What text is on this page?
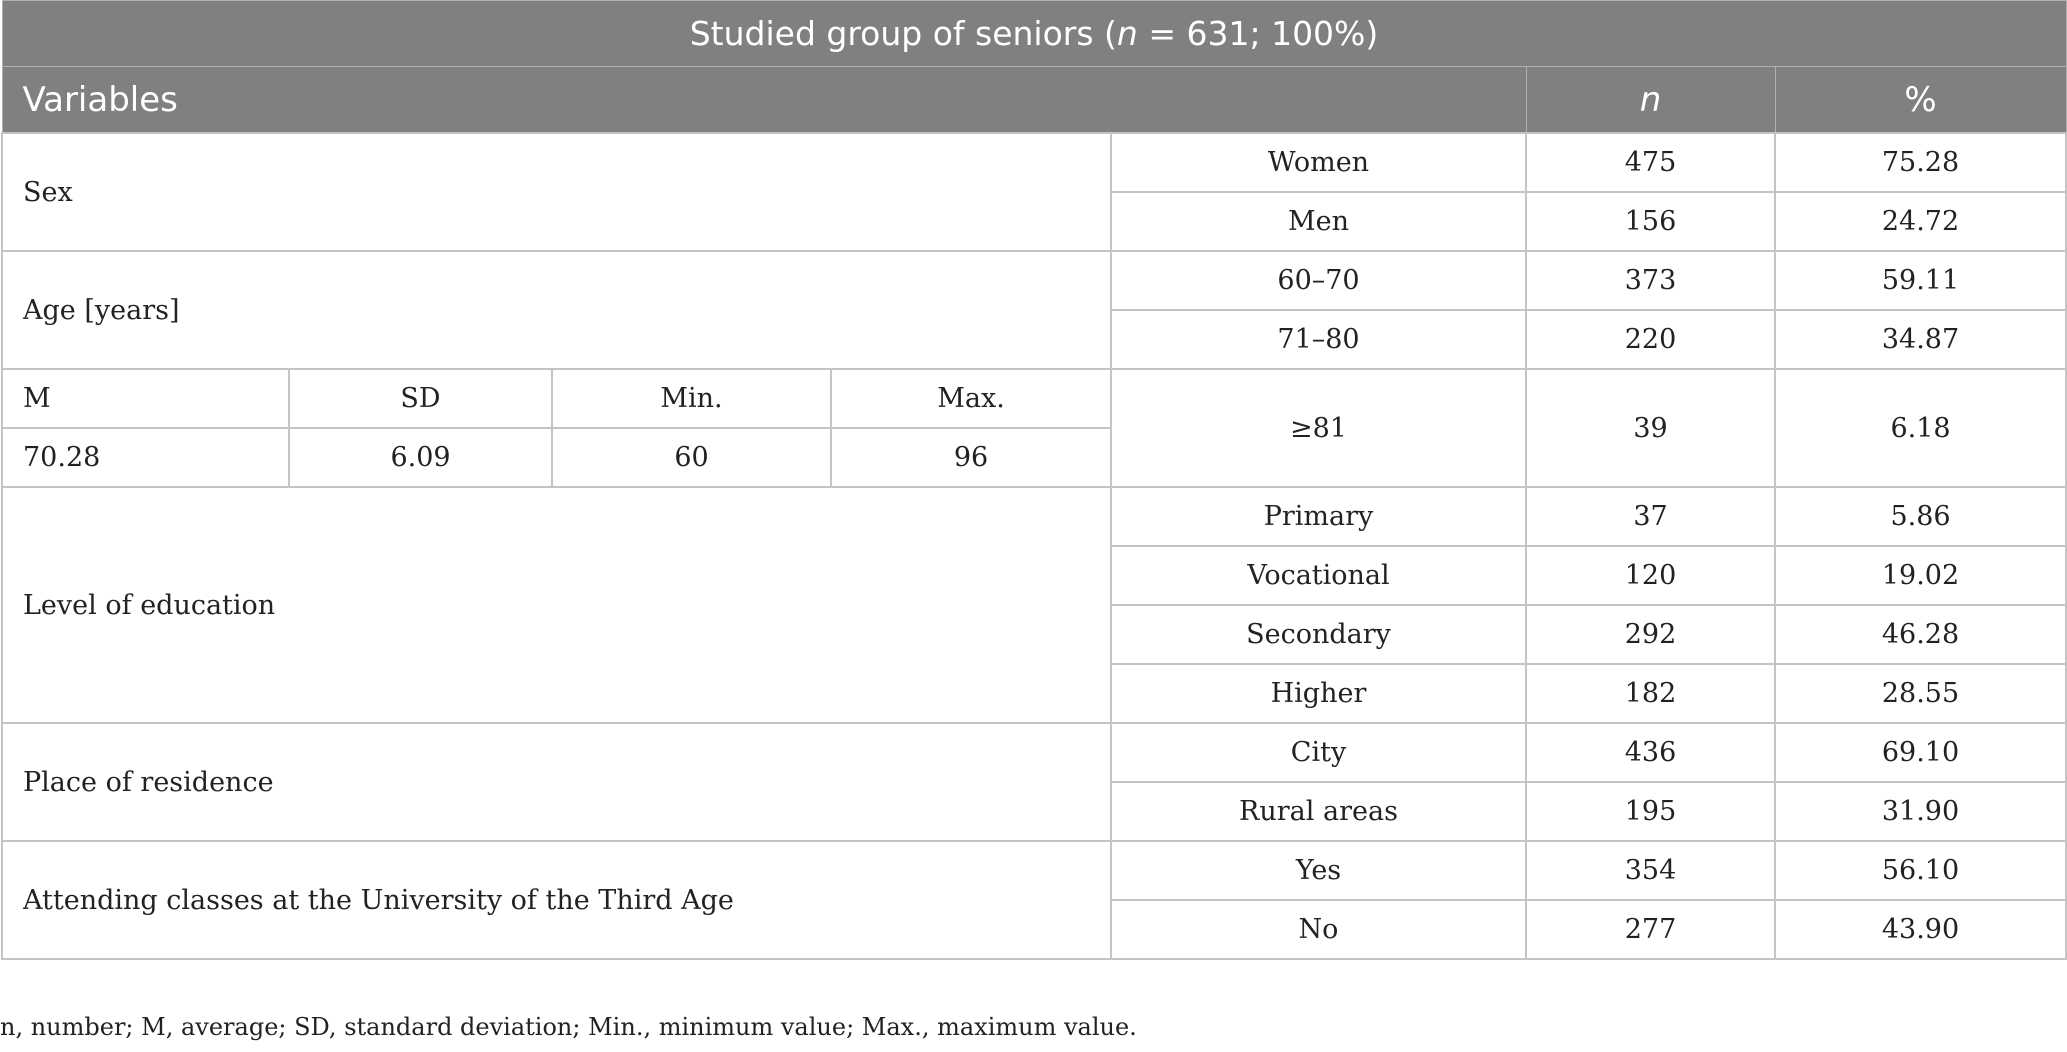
Studied group of seniors (n = 631; 100%)						
Variables					n	%
Sex				Women	475	75.28
				Men	156	24.72
Age [years]				60–70	373	59.11
				71–80	220	34.87
M	SD	Min.	Max.	≥81	39	6.18
70.28	6.09	60	96			
Level of education				Primary	37	5.86
				Vocational	120	19.02
				Secondary	292	46.28
				Higher	182	28.55
Place of residence				City	436	69.10
				Rural areas	195	31.90
Attending classes at the University of the Third Age				Yes	354	56.10
				No	277	43.90
n, number; M, average; SD, standard deviation; Min., minimum value; Max., maximum value.
